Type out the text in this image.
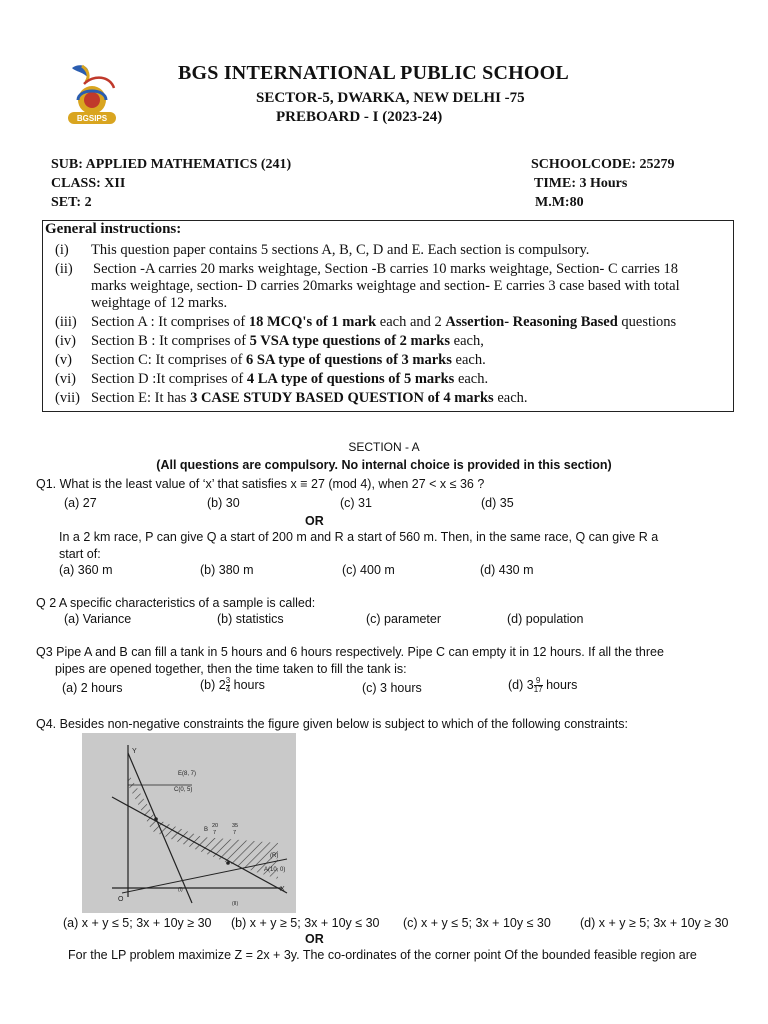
BGSIPS
BGS INTERNATIONAL PUBLIC SCHOOL
SECTOR-5, DWARKA, NEW DELHI -75
PREBOARD - I (2023-24)
SUB: APPLIED MATHEMATICS (241)
CLASS: XII
SET: 2
SCHOOLCODE: 25279
TIME: 3 Hours
M.M:80
General instructions:
(i) This question paper contains 5 sections A, B, C, D and E. Each section is compulsory.
(ii) Section -A carries 20 marks weightage, Section -B carries 10 marks weightage, Section- C carries 18
marks weightage, section- D carries 20marks weightage and section- E carries 3 case based with total
weightage of 12 marks.
(iii) Section A : It comprises of 18 MCQ's of 1 mark each and 2 Assertion- Reasoning Based questions
(iv) Section B : It comprises of 5 VSA type questions of 2 marks each,
(v) Section C: It comprises of 6 SA type of questions of 3 marks each.
(vi) Section D :It comprises of 4 LA type of questions of 5 marks each.
(vii) Section E: It has 3 CASE STUDY BASED QUESTION of 4 marks each.
SECTION - A
(All questions are compulsory. No internal choice is provided in this section)
Q1. What is the least value of ‘x’ that satisfies x ≡ 27 (mod 4), when 27 < x ≤ 36 ?
(a) 27	(b) 30	(c) 31	(d) 35
OR
In a 2 km race, P can give Q a start of 200 m and R a start of 560 m. Then, in the same race, Q can give R a
start of:
(a) 360 m	(b) 380 m	(c) 400 m	(d) 430 m
Q 2 A specific characteristics of a sample is called:
(a) Variance	(b) statistics	(c) parameter	(d) population
Q3 Pipe A and B can fill a tank in 5 hours and 6 hours respectively. Pipe C can empty it in 12 hours. If all the three
pipes are opened together, then the time taken to fill the tank is:
(a) 2 hours	(b) $2 \frac{3}{4}$ hours	(c) 3 hours	(d) $3 \frac{9}{17}$ hours
Q4. Besides non-negative constraints the figure given below is subject to which of the following constraints:
Y
X
O
E(8, 7)
C(0, 5)
B
20
7
35
7
(R)
A(10, 0)
(I)
(II)
(a) x + y ≤ 5; 3x + 10y ≥ 30 (b) x + y ≥ 5; 3x + 10y ≤ 30 (c) x + y ≤ 5; 3x + 10y ≤ 30 (d) x + y ≥ 5; 3x + 10y ≥ 30
OR
For the LP problem maximize Z = 2x + 3y. The co-ordinates of the corner point Of the bounded feasible region are
